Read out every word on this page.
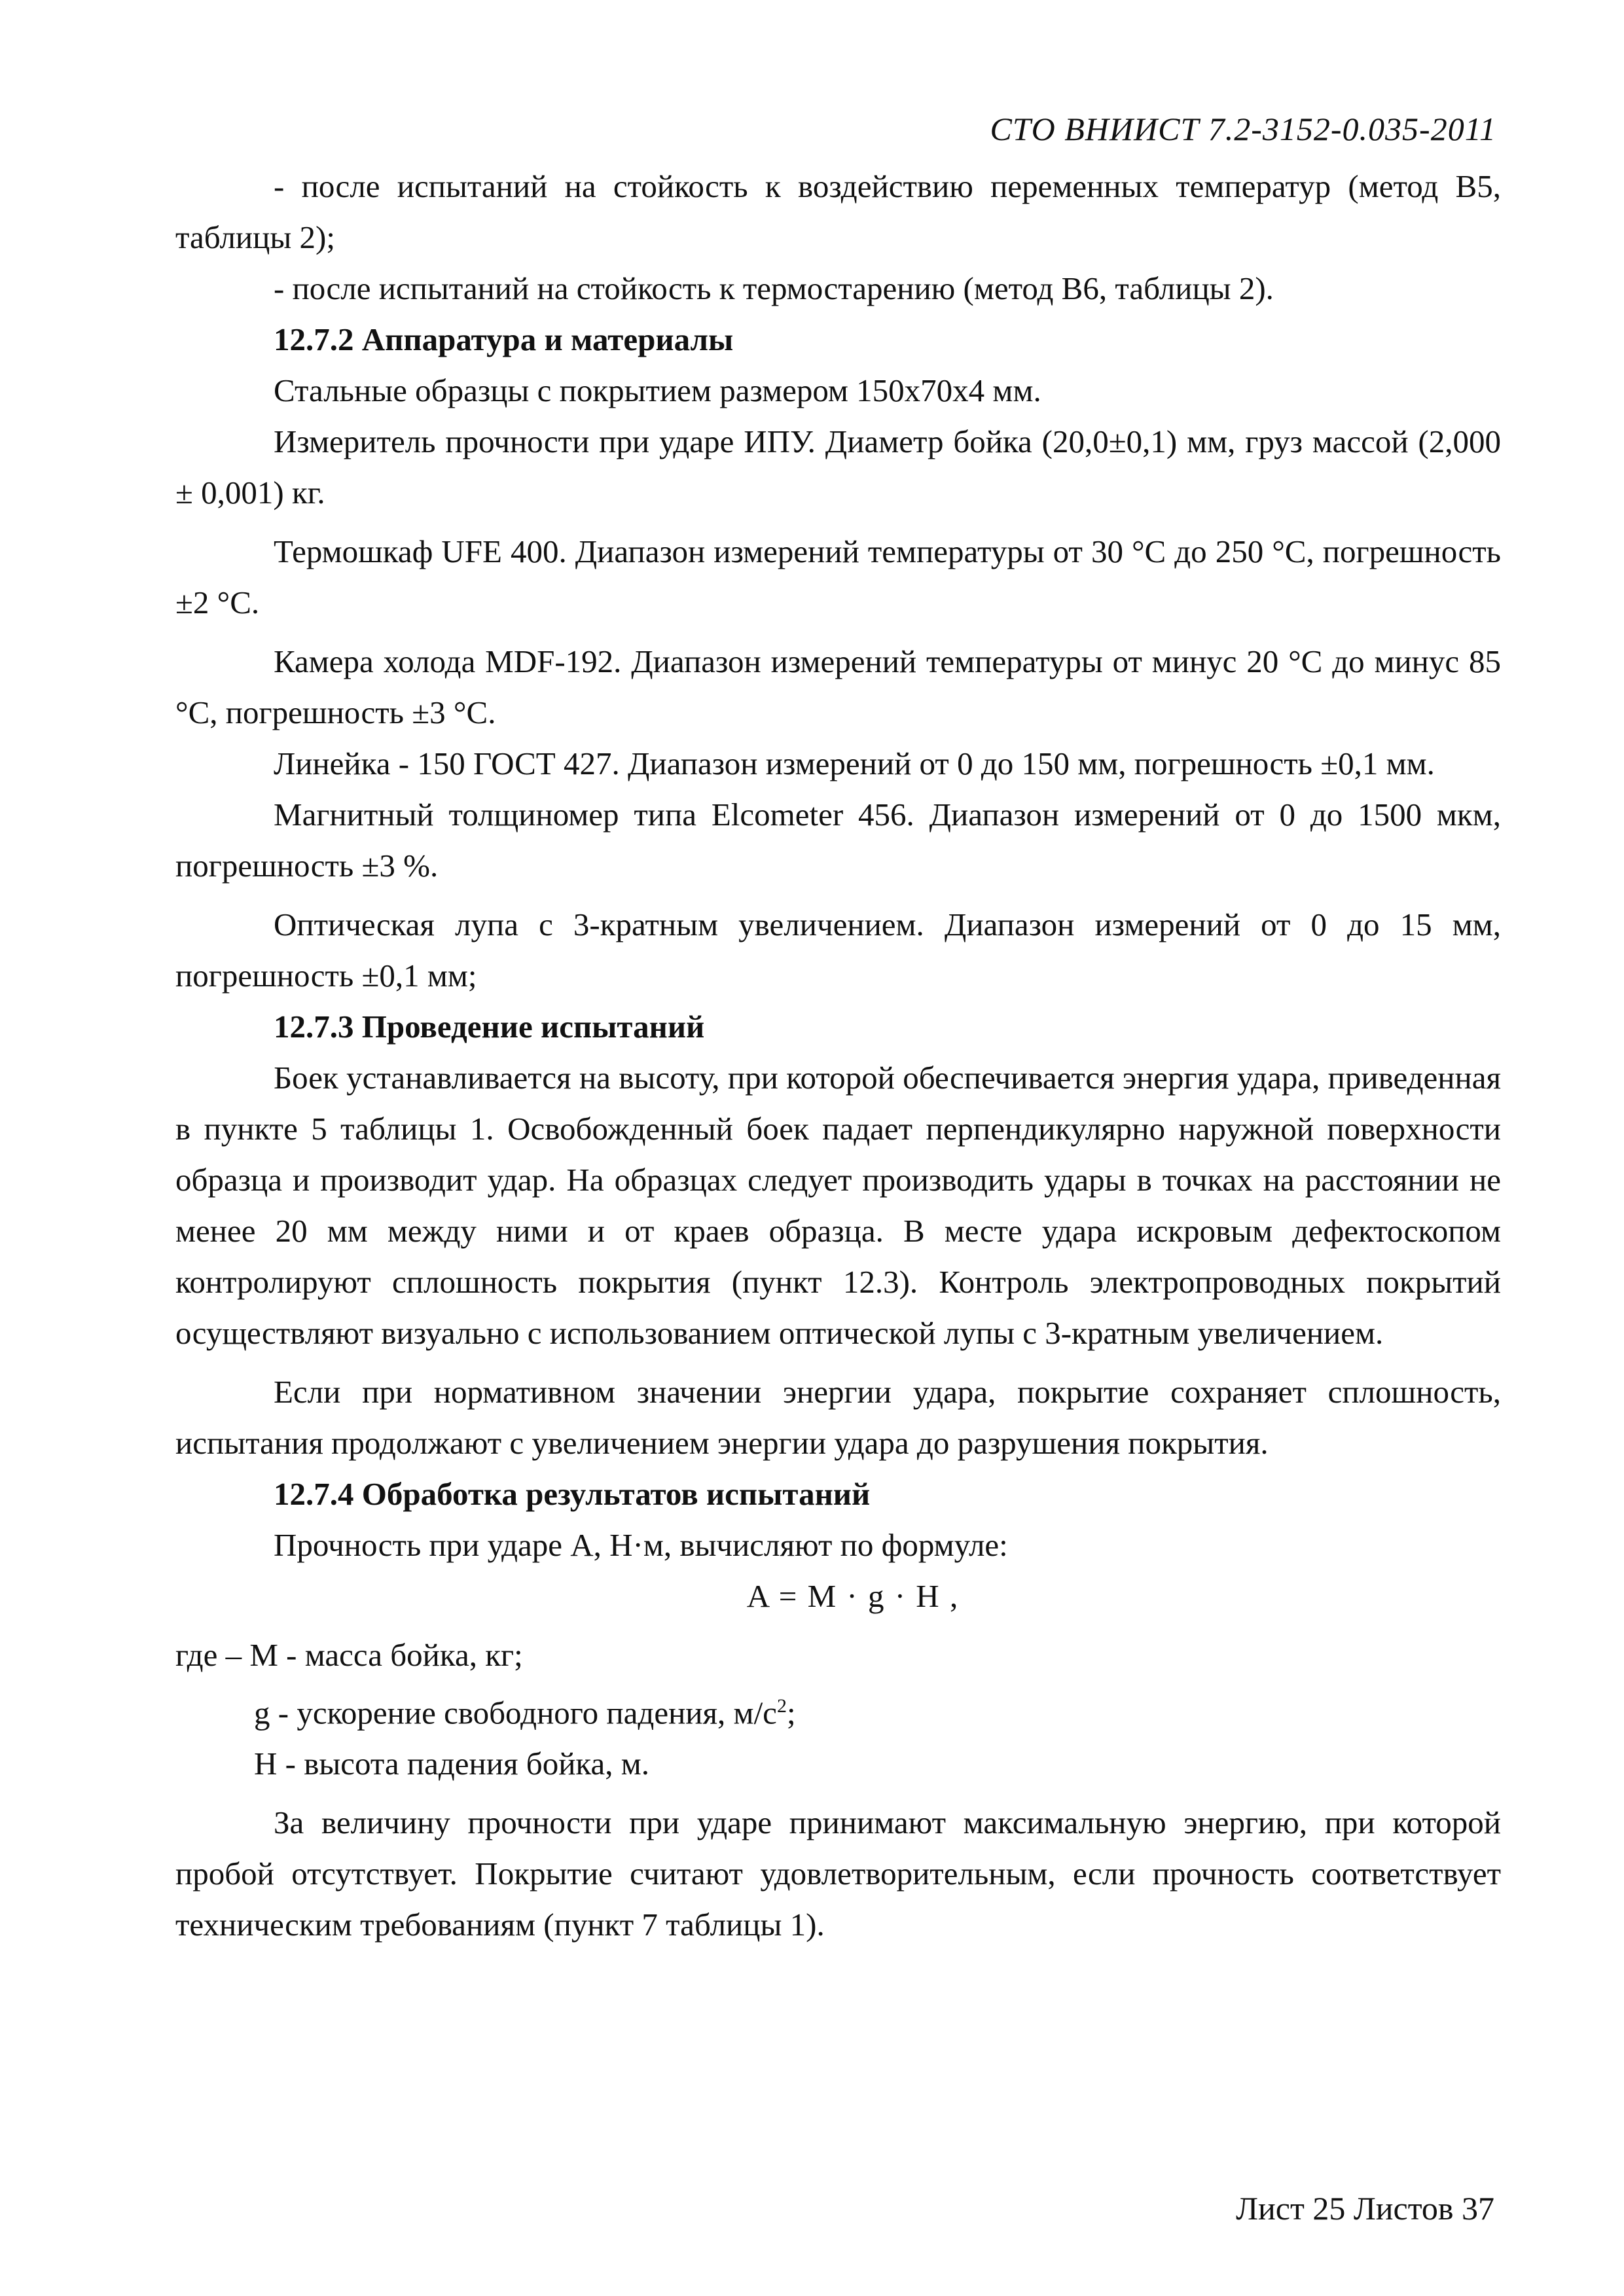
СТО ВНИИСТ 7.2-3152-0.035-2011

- после испытаний на стойкость к воздействию переменных температур (метод В5, таблицы 2);

- после испытаний на стойкость к термостарению (метод В6, таблицы 2).

12.7.2 Аппаратура и материалы

Стальные образцы с покрытием размером 150х70х4 мм.

Измеритель прочности при ударе ИПУ. Диаметр бойка (20,0±0,1) мм, груз массой (2,000 ± 0,001) кг.

Термошкаф UFE 400. Диапазон измерений температуры от 30 °С до 250 °С, погрешность ±2 °С.

Камера холода MDF-192. Диапазон измерений температуры от минус 20 °С до минус 85 °С, погрешность ±3 °С.

Линейка - 150 ГОСТ 427. Диапазон измерений от 0 до 150 мм, погрешность ±0,1 мм.

Магнитный толщиномер типа Elcometer 456. Диапазон измерений от 0 до 1500 мкм, погрешность ±3 %.

Оптическая лупа с 3-кратным увеличением. Диапазон измерений от 0 до 15 мм, погрешность ±0,1 мм;

12.7.3 Проведение испытаний

Боек устанавливается на высоту, при которой обеспечивается энергия удара, приведенная в пункте 5 таблицы 1. Освобожденный боек падает перпендикулярно наружной поверхности образца и производит удар. На образцах следует производить удары в точках на расстоянии не менее 20 мм между ними и от краев образца. В месте удара искровым дефектоскопом контролируют сплошность покрытия (пункт 12.3). Контроль электропроводных покрытий осуществляют визуально с использованием оптической лупы с 3-кратным увеличением.

Если при нормативном значении энергии удара, покрытие сохраняет сплошность, испытания продолжают с увеличением энергии удара до разрушения покрытия.

12.7.4 Обработка результатов испытаний

Прочность при ударе А, Н·м, вычисляют по формуле:

A = M · g · H ,

где – М - масса бойка, кг;

g - ускорение свободного падения, $м/с^2$;

Н - высота падения бойка, м.

За величину прочности при ударе принимают максимальную энергию, при которой пробой отсутствует. Покрытие считают удовлетворительным, если прочность соответствует техническим требованиям (пункт 7 таблицы 1).

Лист 25 Листов 37
